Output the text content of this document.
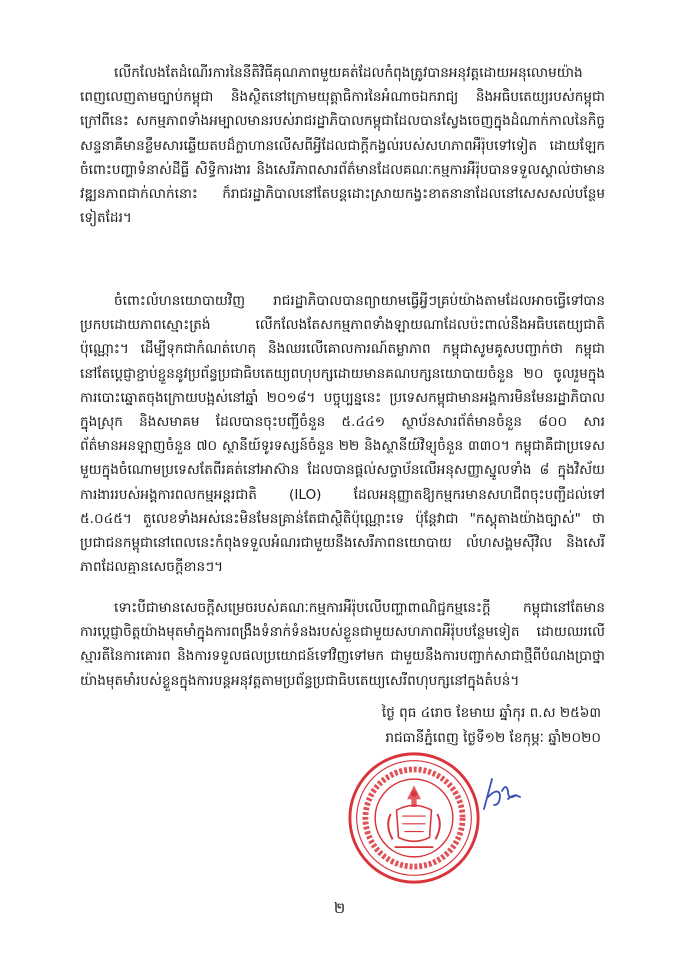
លើកលែងតែដំណើរការនៃនីតិវិធីគុណភាពមួយគត់ដែលកំពុងត្រូវបានអនុវត្តដោយអនុលោមយ៉ាងពេញលេញតាមច្បាប់កម្ពុជា និងស្ថិតនៅក្រោមយុត្តាធិការនៃអំណាចឯករាជ្យ និងអធិបតេយ្យរបស់កម្ពុជា ក្រៅពីនេះ សកម្មភាពទាំងអម្បាលមានរបស់រាជរដ្ឋាភិបាលកម្ពុជាដែលបានស្វែងចេញក្នុងដំណាក់កាលនៃកិច្ចសន្ទនាគឺមានខ្លឹមសារឆ្លើយតបដ៏ក្លាហានលើសពីអ្វីដែលជាក្តីកង្វល់របស់សហភាពអឺរ៉ុបទៅទៀត ដោយឡែកចំពោះបញ្ហាទំនាស់ដីធ្លី សិទ្ធិការងារ និងសេរីភាពសារព័ត៌មានដែលគណៈកម្មការអឺរ៉ុបបានទទួលស្គាល់ថាមានវឌ្ឍនភាពជាក់លាក់នោះ ក៏រាជរដ្ឋាភិបាលនៅតែបន្តដោះស្រាយកង្វះខាតនានាដែលនៅសេសសល់បន្ថែមទៀតដែរ។

ចំពោះលំហនយោបាយវិញ រាជរដ្ឋាភិបាលបានព្យាយាមធ្វើអ្វីៗគ្រប់យ៉ាងតាមដែលអាចធ្វើទៅបានប្រកបដោយភាពស្មោះត្រង់ លើកលែងតែសកម្មភាពទាំងឡាយណាដែលប៉ះពាល់នឹងអធិបតេយ្យជាតិប៉ុណ្ណោះ។ ដើម្បីទុកជាកំណត់ហេតុ និងឈរលើគោលការណ៍តម្លាភាព កម្ពុជាសូមគូសបញ្ជាក់ថា កម្ពុជានៅតែប្តេជ្ញាខ្ជាប់ខ្ជួននូវប្រព័ន្ធប្រជាធិបតេយ្យពហុបក្សដោយមានគណបក្សនយោបាយចំនួន ២០ ចូលរួមក្នុងការបោះឆ្នោតចុងក្រោយបង្អស់នៅឆ្នាំ ២០១៨។ បច្ចុប្បន្ននេះ ប្រទេសកម្ពុជាមានអង្គការមិនមែនរដ្ឋាភិបាលក្នុងស្រុក និងសមាគម ដែលបានចុះបញ្ជីចំនួន ៥.៤៤១ ស្ថាប័នសារព័ត៌មានចំនួន ៨០០ សារព័ត៌មានអនឡាញចំនួន ៧០ ស្ថានីយ៍ទូរទស្សន៍ចំនួន ២២ និងស្ថានីយ៍វិទ្យុចំនួន ៣៣០។ កម្ពុជាគឺជាប្រទេសមួយក្នុងចំណោមប្រទេសតែពីរគត់នៅអាស៊ាន ដែលបានផ្តល់សច្ចាប័នលើអនុសញ្ញាស្នូលទាំង ៨ ក្នុងវិស័យការងាររបស់អង្គការពលកម្មអន្តរជាតិ (ILO) ដែលអនុញ្ញាតឱ្យកម្មករមានសហជីពចុះបញ្ជីដល់ទៅ ៥.០៤៥។ តួលេខទាំងអស់នេះមិនមែនគ្រាន់តែជាស្ថិតិប៉ុណ្ណោះទេ ប៉ុន្តែវាជា "កស្តុតាងយ៉ាងច្បាស់" ថា ប្រជាជនកម្ពុជានៅពេលនេះកំពុងទទួលអំណរជាមួយនឹងសេរីភាពនយោបាយ លំហសង្គមស៊ីវិល និងសេរីភាពដែលគ្មានសេចក្តីខានៗ។

ទោះបីជាមានសេចក្តីសម្រេចរបស់គណៈកម្មការអឺរ៉ុបលើបញ្ហាពាណិជ្ជកម្មនេះក្តី កម្ពុជានៅតែមានការប្តេជ្ញាចិត្តយ៉ាងមុតមាំក្នុងការពង្រឹងទំនាក់ទំនងរបស់ខ្លួនជាមួយសហភាពអឺរ៉ុបបន្ថែមទៀត ដោយឈរលើស្មារតីនៃការគោរព និងការទទួលផលប្រយោជន៍ទៅវិញទៅមក ជាមួយនឹងការបញ្ជាក់សាជាថ្មីពីបំណងប្រាថ្នាយ៉ាងមុតមាំរបស់ខ្លួនក្នុងការបន្តអនុវត្តតាមប្រព័ន្ធប្រជាធិបតេយ្យសេរីពហុបក្សនៅក្នុងតំបន់។

ថ្ងៃ ពុធ ៤រោច ខែមាឃ ឆ្នាំកុរ ព.ស ២៥៦៣
រាជធានីភ្នំពេញ ថ្ងៃទី១២ ខែកុម្ភៈ ឆ្នាំ២០២០
២
